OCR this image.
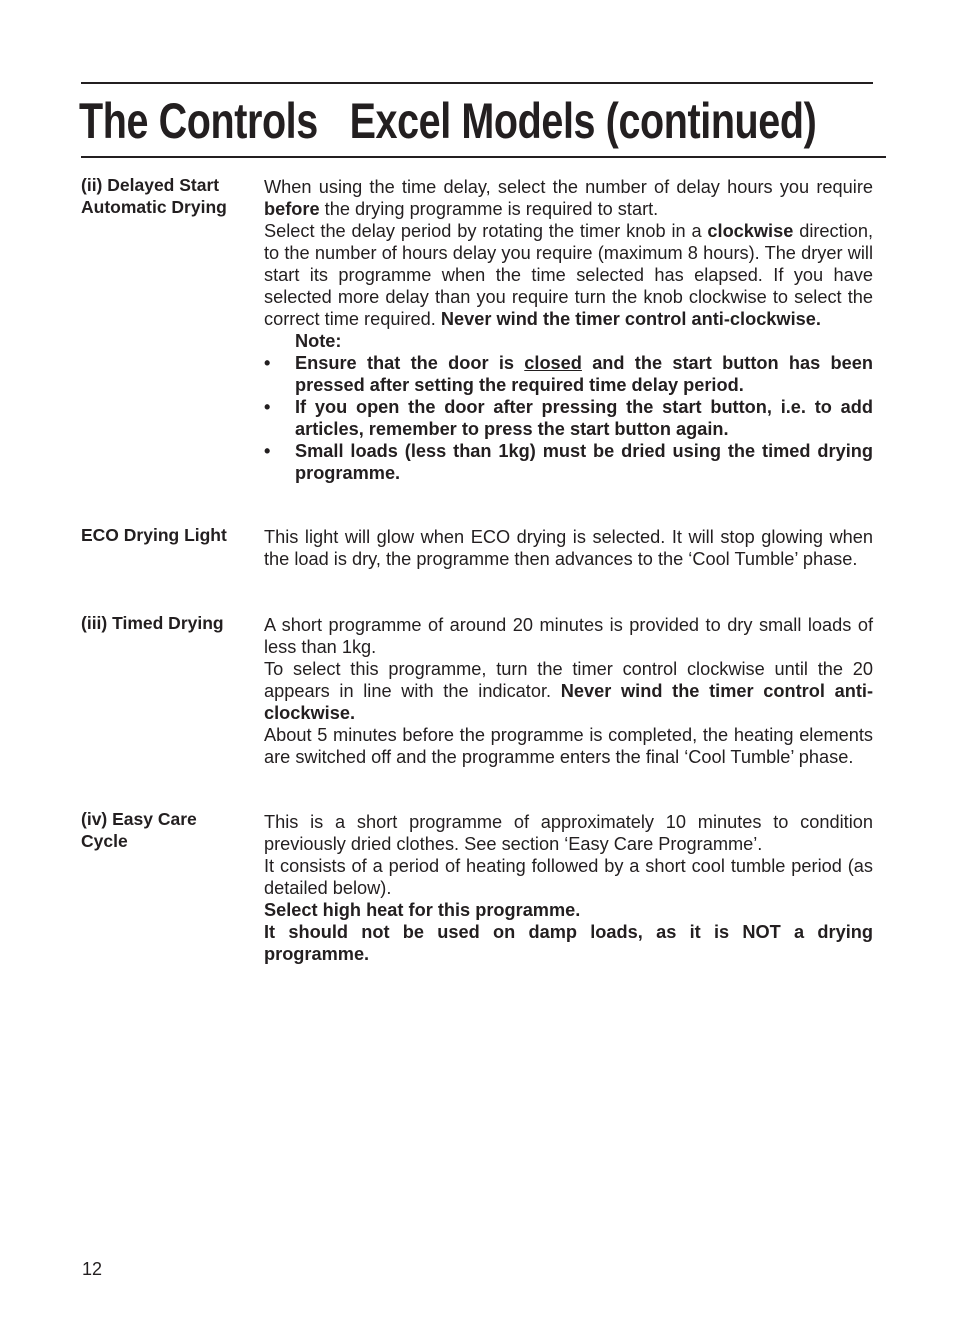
The Controls   Excel Models (continued)
(ii) Delayed Start
Automatic Drying

When using the time delay, select the number of delay hours you require before the drying programme is required to start.

Select the delay period by rotating the timer knob in a clockwise direction, to the number of hours delay you require (maximum 8 hours). The dryer will start its programme when the time selected has elapsed. If you have selected more delay than you require turn the knob clockwise to select the correct time required. Never wind the timer control anti-clockwise.

Note:

• Ensure that the door is closed and the start button has been pressed after setting the required time delay period.
• If you open the door after pressing the start button, i.e. to add articles, remember to press the start button again.
• Small loads (less than 1kg) must be dried using the timed drying programme.
ECO Drying Light	This light will glow when ECO drying is selected. It will stop glowing when the load is dry, the programme then advances to the ‘Cool Tumble’ phase.

(iii) Timed Drying	A short programme of around 20 minutes is provided to dry small loads of less than 1kg.

To select this programme, turn the timer control clockwise until the 20 appears in line with the indicator. Never wind the timer control anti-clockwise.

About 5 minutes before the programme is completed, the heating elements are switched off and the programme enters the final ‘Cool Tumble’ phase.

(iv) Easy Care
Cycle

This is a short programme of approximately 10 minutes to condition previously dried clothes. See section ‘Easy Care Programme’.

It consists of a period of heating followed by a short cool tumble period (as detailed below).

Select high heat for this programme.

It should not be used on damp loads, as it is NOT a drying programme.

12
